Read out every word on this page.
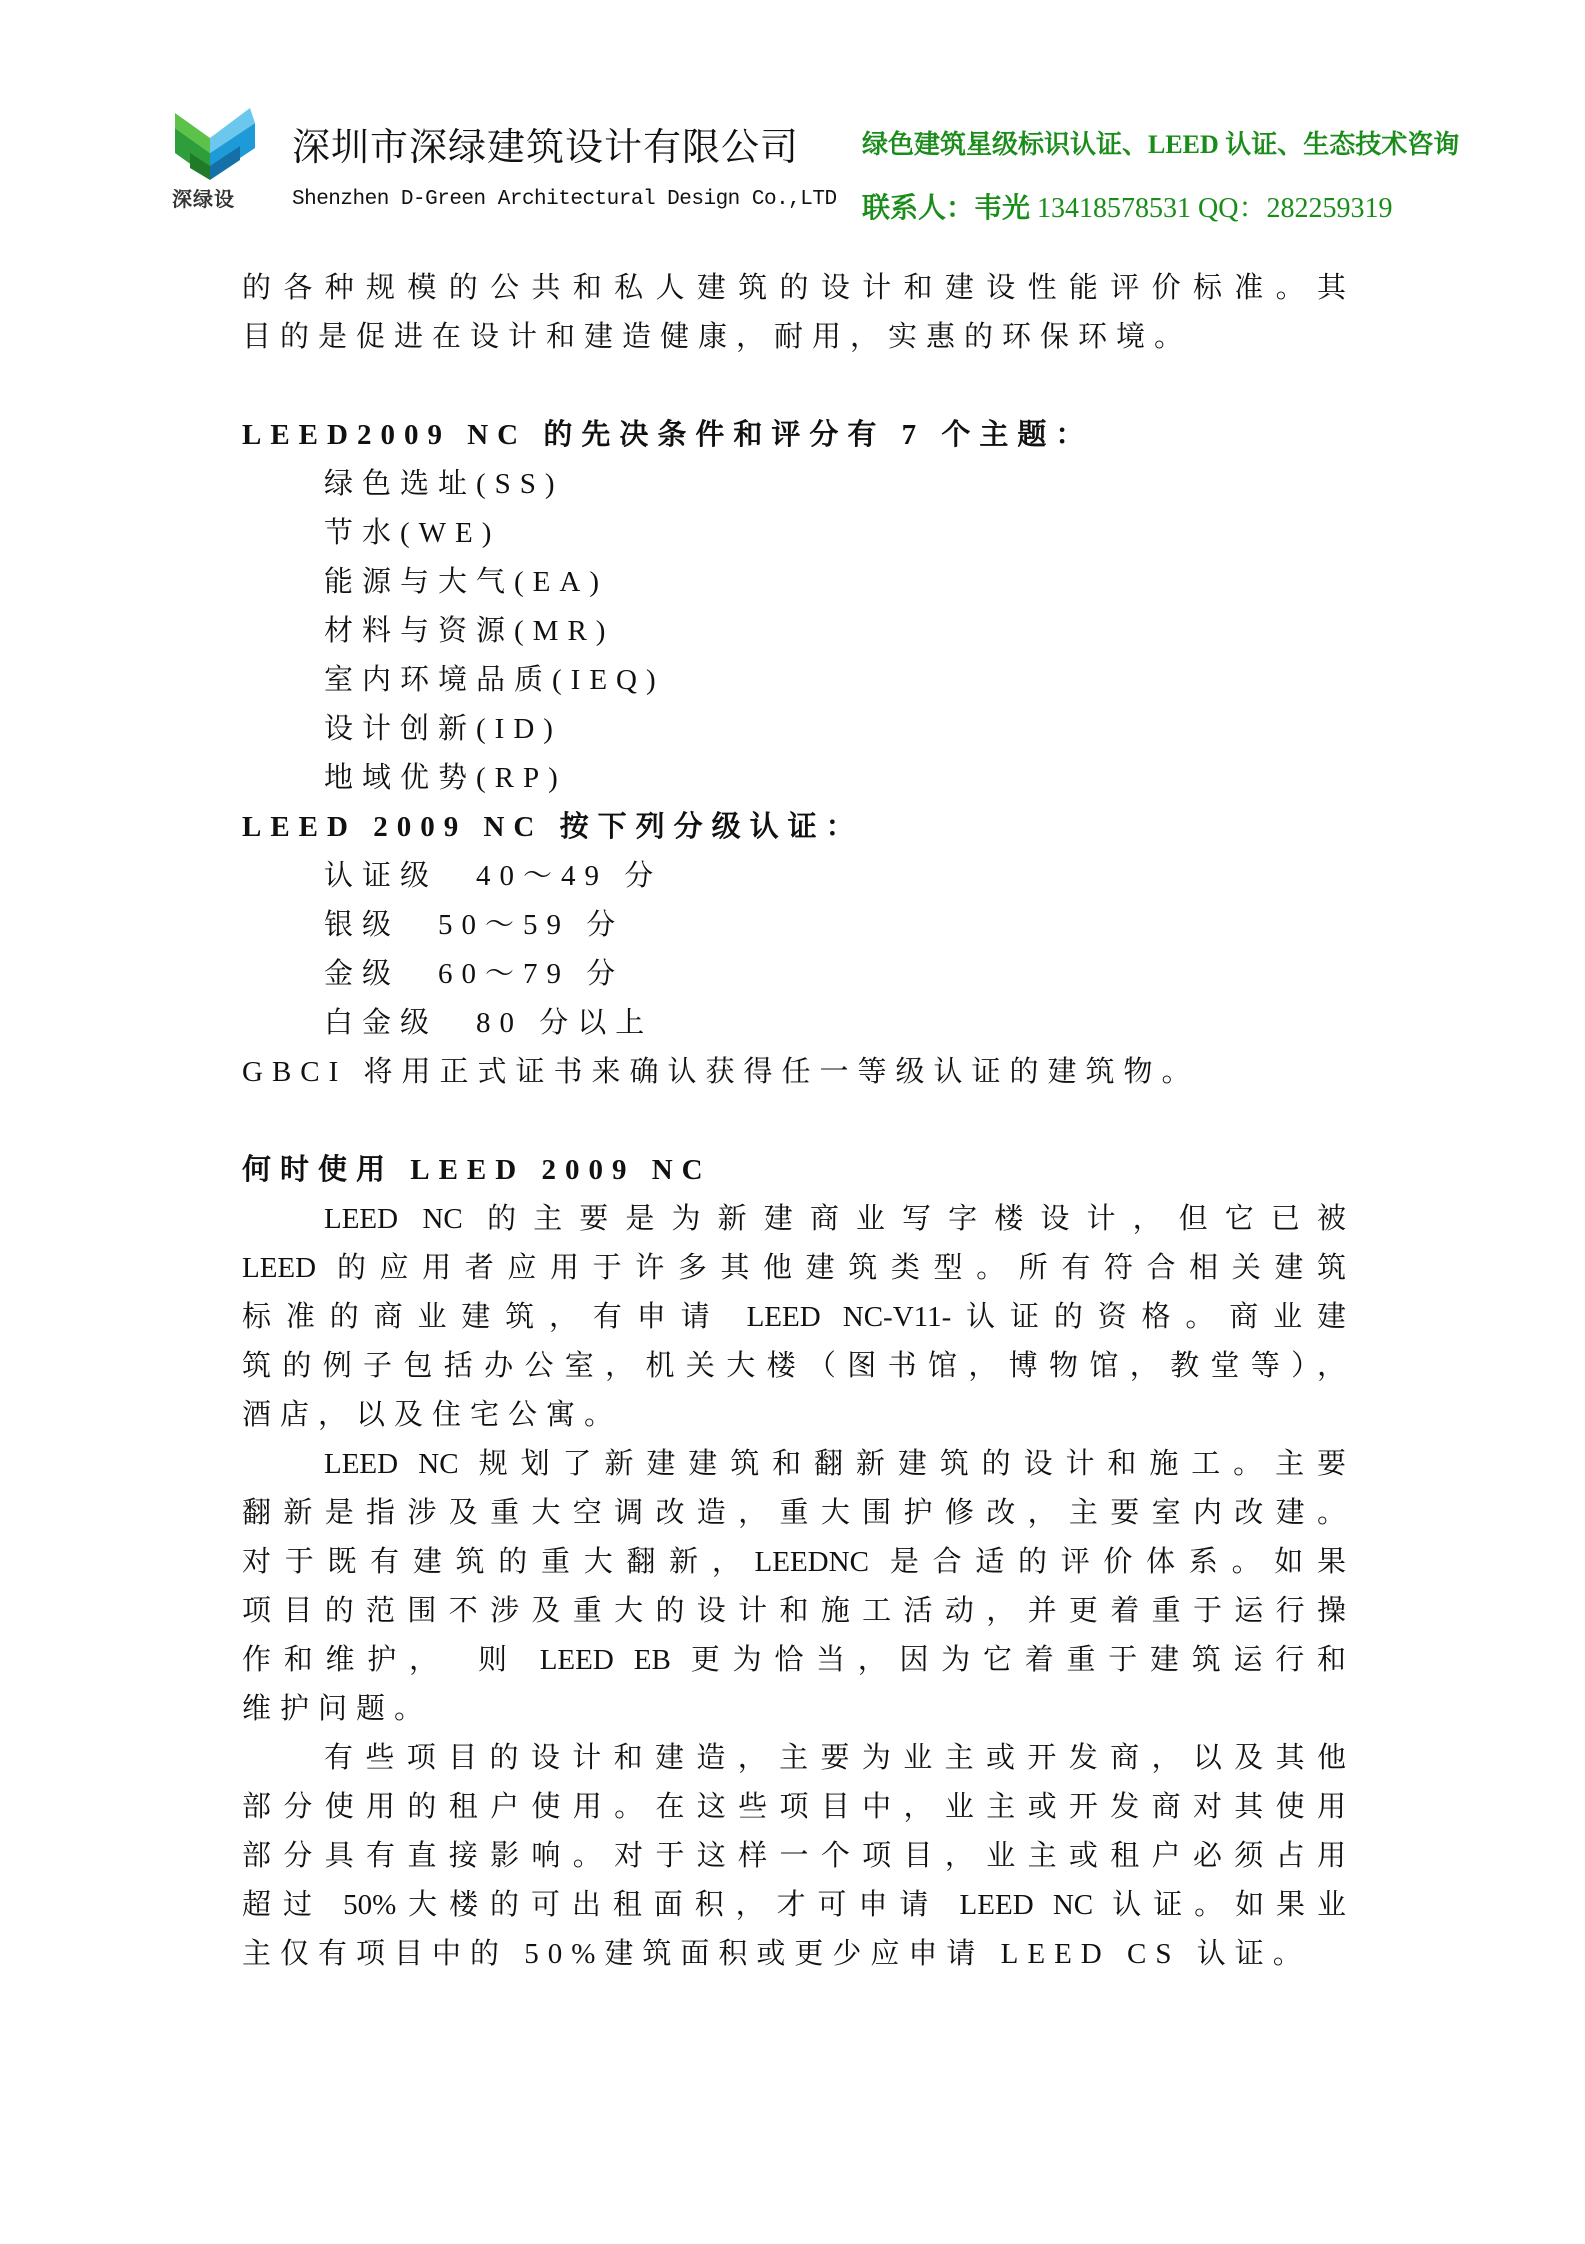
深绿设
深圳市深绿建筑设计有限公司
Shenzhen D-Green Architectural Design Co.,LTD
绿色建筑星级标识认证、LEED 认证、生态技术咨询
联系人：韦光 13418578531 QQ：282259319
的各种规模的公共和私人建筑的设计和建设性能评价标准。其
目的是促进在设计和建造健康，耐用，实惠的环保环境。
LEED2009 NC 的先决条件和评分有 7 个主题：
绿色选址(SS)
节水(WE)
能源与大气(EA)
材料与资源(MR)
室内环境品质(IEQ)
设计创新(ID)
地域优势(RP)
LEED 2009 NC 按下列分级认证：
认证级　40～49 分
银级　50～59 分
金级　60～79 分
白金级　80 分以上
GBCI 将用正式证书来确认获得任一等级认证的建筑物。
何时使用 LEED 2009 NC
LEED NC 的主要是为新建商业写字楼设计，但它已被
LEED 的应用者应用于许多其他建筑类型。所有符合相关建筑
标准的商业建筑，有申请 LEED NC-V11-认证的资格。商业建
筑的例子包括办公室，机关大楼（图书馆，博物馆，教堂等），
酒店，以及住宅公寓。
LEED NC 规划了新建建筑和翻新建筑的设计和施工。主要
翻新是指涉及重大空调改造，重大围护修改，主要室内改建。
对于既有建筑的重大翻新，LEEDNC 是合适的评价体系。如果
项目的范围不涉及重大的设计和施工活动，并更着重于运行操
作和维护，　则 LEED EB 更为恰当，因为它着重于建筑运行和
维护问题。
有些项目的设计和建造，主要为业主或开发商，以及其他
部分使用的租户使用。在这些项目中，业主或开发商对其使用
部分具有直接影响。对于这样一个项目，业主或租户必须占用
超过 50%大楼的可出租面积，才可申请 LEED NC 认证。如果业
主仅有项目中的 50%建筑面积或更少应申请 LEED CS 认证。
